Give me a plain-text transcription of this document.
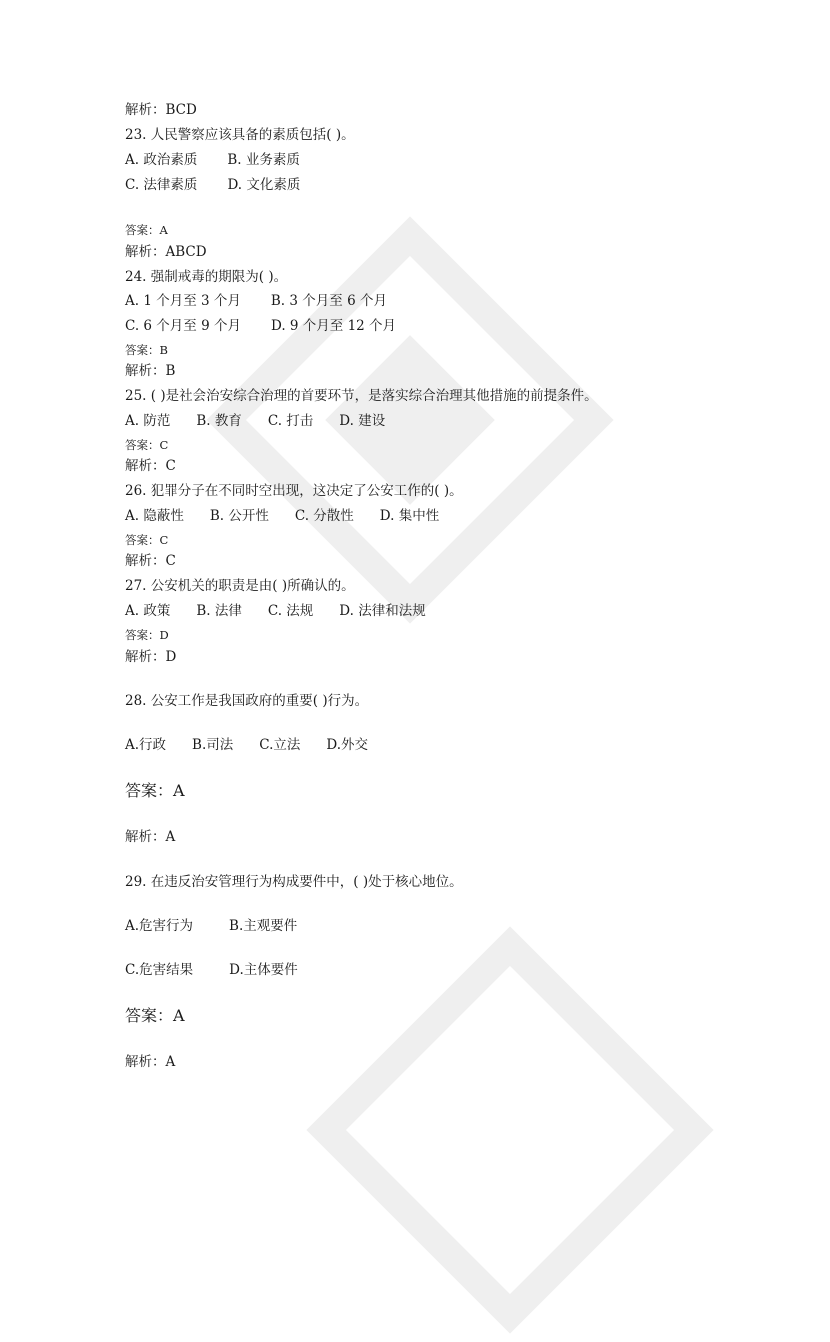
解析：BCD
23. 人民警察应该具备的素质包括( )。
A. 政治素质 B. 业务素质
C. 法律素质 D. 文化素质
答案：A
解析：ABCD
24. 强制戒毒的期限为( )。
A. 1 个月至 3 个月 B. 3 个月至 6 个月
C. 6 个月至 9 个月 D. 9 个月至 12 个月
答案：B
解析：B
25. ( )是社会治安综合治理的首要环节，是落实综合治理其他措施的前提条件。
A. 防范 B. 教育 C. 打击 D. 建设
答案：C
解析：C
26. 犯罪分子在不同时空出现，这决定了公安工作的( )。
A. 隐蔽性 B. 公开性 C. 分散性 D. 集中性
答案：C
解析：C
27. 公安机关的职责是由( )所确认的。
A. 政策 B. 法律 C. 法规 D. 法律和法规
答案：D
解析：D
28. 公安工作是我国政府的重要( )行为。
A.行政 B.司法 C.立法 D.外交
答案：A
解析：A
29. 在违反治安管理行为构成要件中，( )处于核心地位。
A.危害行为	B.主观要件
C.危害结果	D.主体要件
答案：A
解析：A
